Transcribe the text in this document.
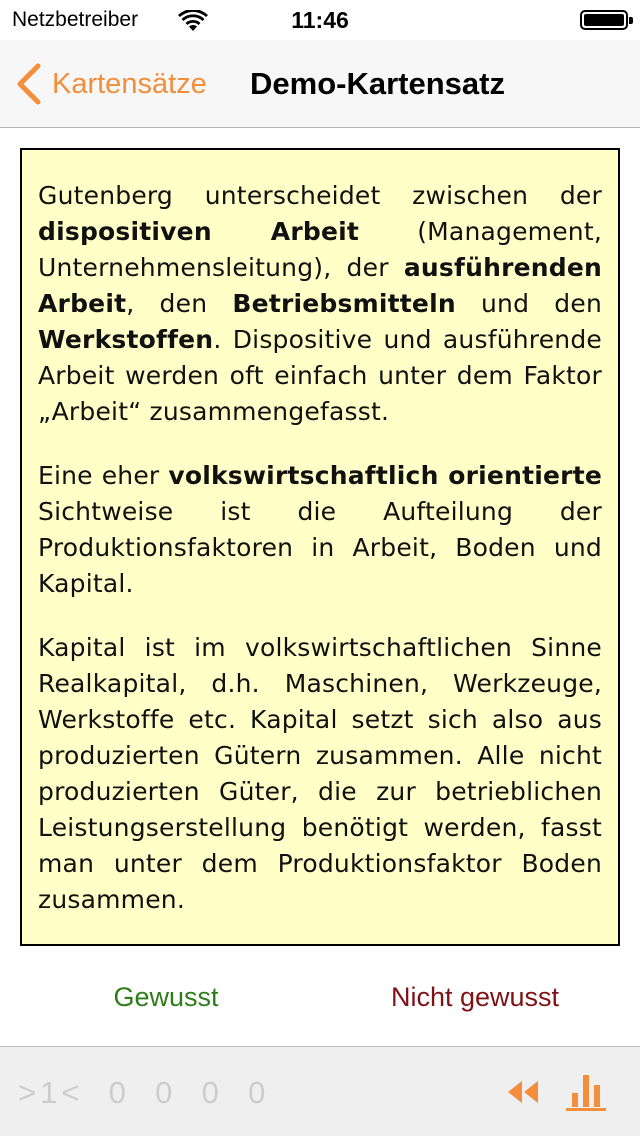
Netzbetreiber	11:46
Kartensätze Demo-Kartensatz

Gutenberg unterscheidet zwischen der dispositiven Arbeit (Management, Unternehmensleitung), der ausführenden Arbeit, den Betriebsmitteln und den Werkstoffen. Dispositive und ausführende Arbeit werden oft einfach unter dem Faktor „Arbeit“ zusammengefasst.

Eine eher volkswirtschaftlich orientierte Sichtweise ist die Aufteilung der Produktionsfaktoren in Arbeit, Boden und Kapital.

Kapital ist im volkswirtschaftlichen Sinne Realkapital, d.h. Maschinen, Werkzeuge, Werkstoffe etc. Kapital setzt sich also aus produzierten Gütern zusammen. Alle nicht produzierten Güter, die zur betrieblichen Leistungserstellung benötigt werden, fasst man unter dem Produktionsfaktor Boden zusammen.

Gewusst	Nicht gewusst
>1<  0  0  0  0
